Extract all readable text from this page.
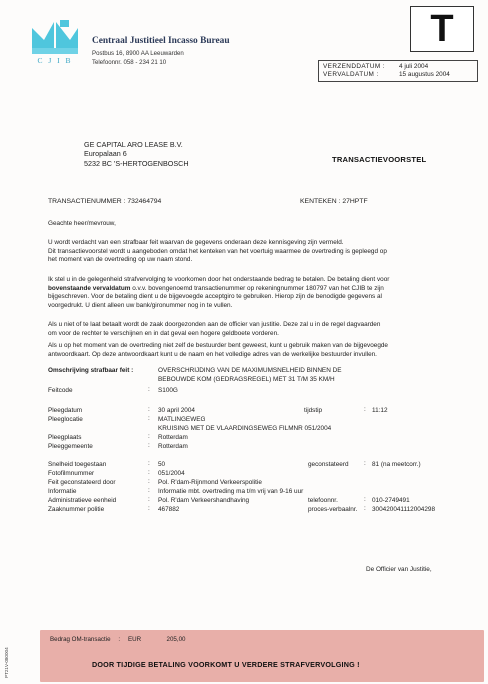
C J I B
Centraal Justitieel Incasso Bureau
Postbus 16, 8900 AA Leeuwarden
Telefoonnr. 058 - 234 21 10
T
VERZENDDATUM : 4 juli 2004
VERVALDATUM :	15 augustus 2004
GE CAPITAL ARO LEASE B.V.
Europalaan 6
5232 BC 'S-HERTOGENBOSCH	TRANSACTIEVOORSTEL
TRANSACTIENUMMER : 732464794	KENTEKEN : 27HPTF
Geachte heer/mevrouw,

U wordt verdacht van een strafbaar feit waarvan de gegevens onderaan deze kennisgeving zijn vermeld.

Dit transactievoorstel wordt u aangeboden omdat het kenteken van het voertuig waarmee de overtreding is gepleegd op

het moment van de overtreding op uw naam stond.

Ik stel u in de gelegenheid strafvervolging te voorkomen door het onderstaande bedrag te betalen. De betaling dient voor

bovenstaande vervaldatum o.v.v. bovengenoemd transactienummer op rekeningnummer 180797 van het CJIB te zijn

bijgeschreven. Voor de betaling dient u de bijgevoegde acceptgiro te gebruiken. Hierop zijn de benodigde gegevens al

voorgedrukt. U dient alleen uw bank/gironummer nog in te vullen.

Als u niet of te laat betaalt wordt de zaak doorgezonden aan de officier van justitie. Deze zal u in de regel dagvaarden

om voor de rechter te verschijnen en in dat geval een hogere geldboete vorderen.

Als u op het moment van de overtreding niet zelf de bestuurder bent geweest, kunt u gebruik maken van de bijgevoegde

antwoordkaart. Op deze antwoordkaart kunt u de naam en het volledige adres van de werkelijke bestuurder invullen.

Omschrijving strafbaar feit :	OVERSCHRIJDING VAN DE MAXIMUMSNELHEID BINNEN DE
BEBOUWDE KOM (GEDRAGSREGEL) MET 31 T/M 35 KM/H
Feitcode	: S100G
Pleegdatum	: 30 april 2004	tijdstip	: 11:12
Pleeglocatie	: MATLINGEWEG
KRUISING MET DE VLAARDINGSEWEG FILMNR 051/2004
Pleegplaats	: Rotterdam
Pleeggemeente	: Rotterdam
Snelheid toegestaan	: 50	geconstateerd : 81 (na meetcorr.)
Fotofilmnummer	: 051/2004
Feit geconstateerd door	: Pol. R'dam-Rijnmond Verkeerspolitie
Informatie	: Informatie mbt. overtreding ma t/m vrij van 9-16 uur
Administratieve eenheid	: Pol. R'dam Verkeershandhaving	telefoonnr.	: 010-2749491
Zaaknummer politie	: 467882	proces-verbaalnr. : 300420041112004298
De Officier van Justitie,
PT21V-080004
Bedrag OM-transactie : EUR	205,00
DOOR TIJDIGE BETALING VOORKOMT U VERDERE STRAFVERVOLGING !
